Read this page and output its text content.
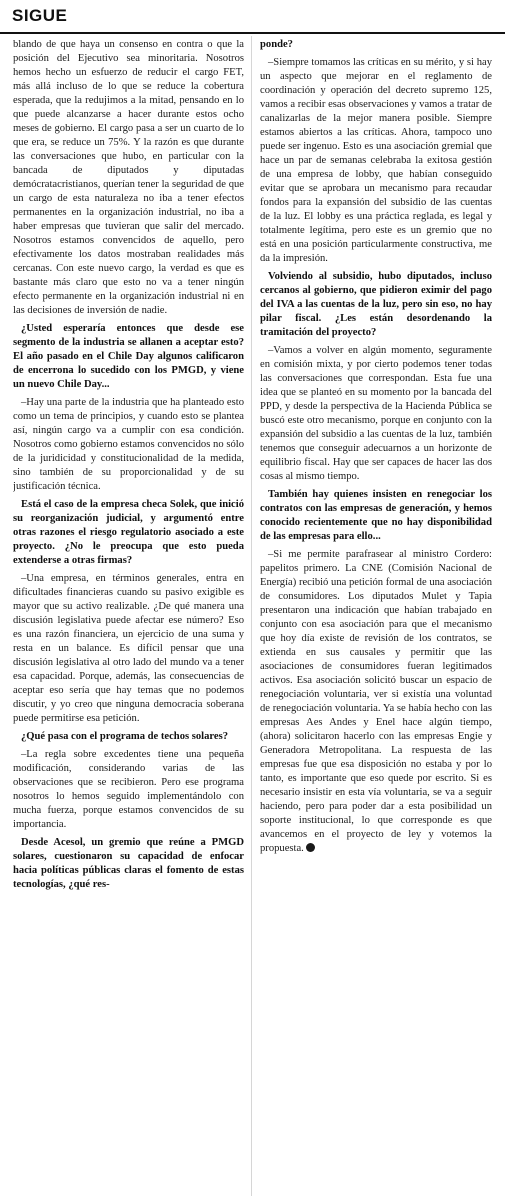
SIGUE

blando de que haya un consenso en contra o que la posición del Ejecutivo sea minoritaria. Nosotros hemos hecho un esfuerzo de reducir el cargo FET, más allá incluso de lo que se reduce la cobertura esperada, que la redujimos a la mitad, pensando en lo que puede alcanzarse a hacer durante estos ocho meses de gobierno. El cargo pasa a ser un cuarto de lo que era, se reduce un 75%. Y la razón es que durante las conversaciones que hubo, en particular con la bancada de diputados y diputadas demócratacristianos, querían tener la seguridad de que un cargo de esta naturaleza no iba a tener efectos permanentes en la organización industrial, no iba a haber empresas que tuvieran que salir del mercado. Nosotros estamos convencidos de aquello, pero efectivamente los datos mostraban realidades más cercanas. Con este nuevo cargo, la verdad es que es bastante más claro que esto no va a tener ningún efecto permanente en la organización industrial ni en las decisiones de inversión de nadie.

¿Usted esperaría entonces que desde ese segmento de la industria se allanen a aceptar esto? El año pasado en el Chile Day algunos calificaron de encerrona lo sucedido con los PMGD, y viene un nuevo Chile Day...

–Hay una parte de la industria que ha planteado esto como un tema de principios, y cuando esto se plantea así, ningún cargo va a cumplir con esa condición. Nosotros como gobierno estamos convencidos no sólo de la juridicidad y constitucionalidad de la medida, sino también de su proporcionalidad y de su justificación técnica.

Está el caso de la empresa checa Solek, que inició su reorganización judicial, y argumentó entre otras razones el riesgo regulatorio asociado a este proyecto. ¿No le preocupa que esto pueda extenderse a otras firmas?

–Una empresa, en términos generales, entra en dificultades financieras cuando su pasivo exigible es mayor que su activo realizable. ¿De qué manera una discusión legislativa puede afectar ese número? Eso es una razón financiera, un ejercicio de una suma y resta en un balance. Es difícil pensar que una discusión legislativa al otro lado del mundo va a tener esa capacidad. Porque, además, las consecuencias de aceptar eso sería que hay temas que no podemos discutir, y yo creo que ninguna democracia soberana puede permitirse esa petición.

¿Qué pasa con el programa de techos solares?

–La regla sobre excedentes tiene una pequeña modificación, considerando varias de las observaciones que se recibieron. Pero ese programa nosotros lo hemos seguido implementándolo con mucha fuerza, porque estamos convencidos de su importancia.

Desde Acesol, un gremio que reúne a PMGD solares, cuestionaron su capacidad de enfocar hacia políticas públicas claras el fomento de estas tecnologías, ¿qué res-

ponde?

–Siempre tomamos las críticas en su mérito, y si hay un aspecto que mejorar en el reglamento de coordinación y operación del decreto supremo 125, vamos a recibir esas observaciones y vamos a tratar de canalizarlas de la mejor manera posible. Siempre estamos abiertos a las críticas. Ahora, tampoco uno puede ser ingenuo. Esto es una asociación gremial que hace un par de semanas celebraba la exitosa gestión de una empresa de lobby, que habían conseguido evitar que se aprobara un mecanismo para recaudar fondos para la expansión del subsidio de las cuentas de la luz. El lobby es una práctica reglada, es legal y totalmente legítima, pero este es un gremio que no está en una posición particularmente constructiva, me da la impresión.

Volviendo al subsidio, hubo diputados, incluso cercanos al gobierno, que pidieron eximir del pago del IVA a las cuentas de la luz, pero sin eso, no hay pilar fiscal. ¿Les están desordenando la tramitación del proyecto?

–Vamos a volver en algún momento, seguramente en comisión mixta, y por cierto podemos tener todas las conversaciones que correspondan. Esta fue una idea que se planteó en su momento por la bancada del PPD, y desde la perspectiva de la Hacienda Pública se buscó este otro mecanismo, porque en conjunto con la expansión del subsidio a las cuentas de la luz, también tenemos que conseguir adecuarnos a un horizonte de equilibrio fiscal. Hay que ser capaces de hacer las dos cosas al mismo tiempo.

También hay quienes insisten en renegociar los contratos con las empresas de generación, y hemos conocido recientemente que no hay disponibilidad de las empresas para ello...

–Si me permite parafrasear al ministro Cordero: papelitos primero. La CNE (Comisión Nacional de Energía) recibió una petición formal de una asociación de consumidores. Los diputados Mulet y Tapia presentaron una indicación que habían trabajado en conjunto con esa asociación para que el mecanismo que hoy día existe de revisión de los contratos, se extienda en sus causales y permitir que las asociaciones de consumidores fueran legitimados activos. Esa asociación solicitó buscar un espacio de renegociación voluntaria, ver si existía una voluntad de renegociación voluntaria. Ya se había hecho con las empresas Aes Andes y Enel hace algún tiempo, (ahora) solicitaron hacerlo con las empresas Engie y Generadora Metropolitana. La respuesta de las empresas fue que esa disposición no estaba y por lo tanto, es importante que eso quede por escrito. Si es necesario insistir en esta vía voluntaria, se va a seguir haciendo, pero para poder dar a esta posibilidad un soporte institucional, lo que corresponde es que avancemos en el proyecto de ley y votemos la propuesta.
